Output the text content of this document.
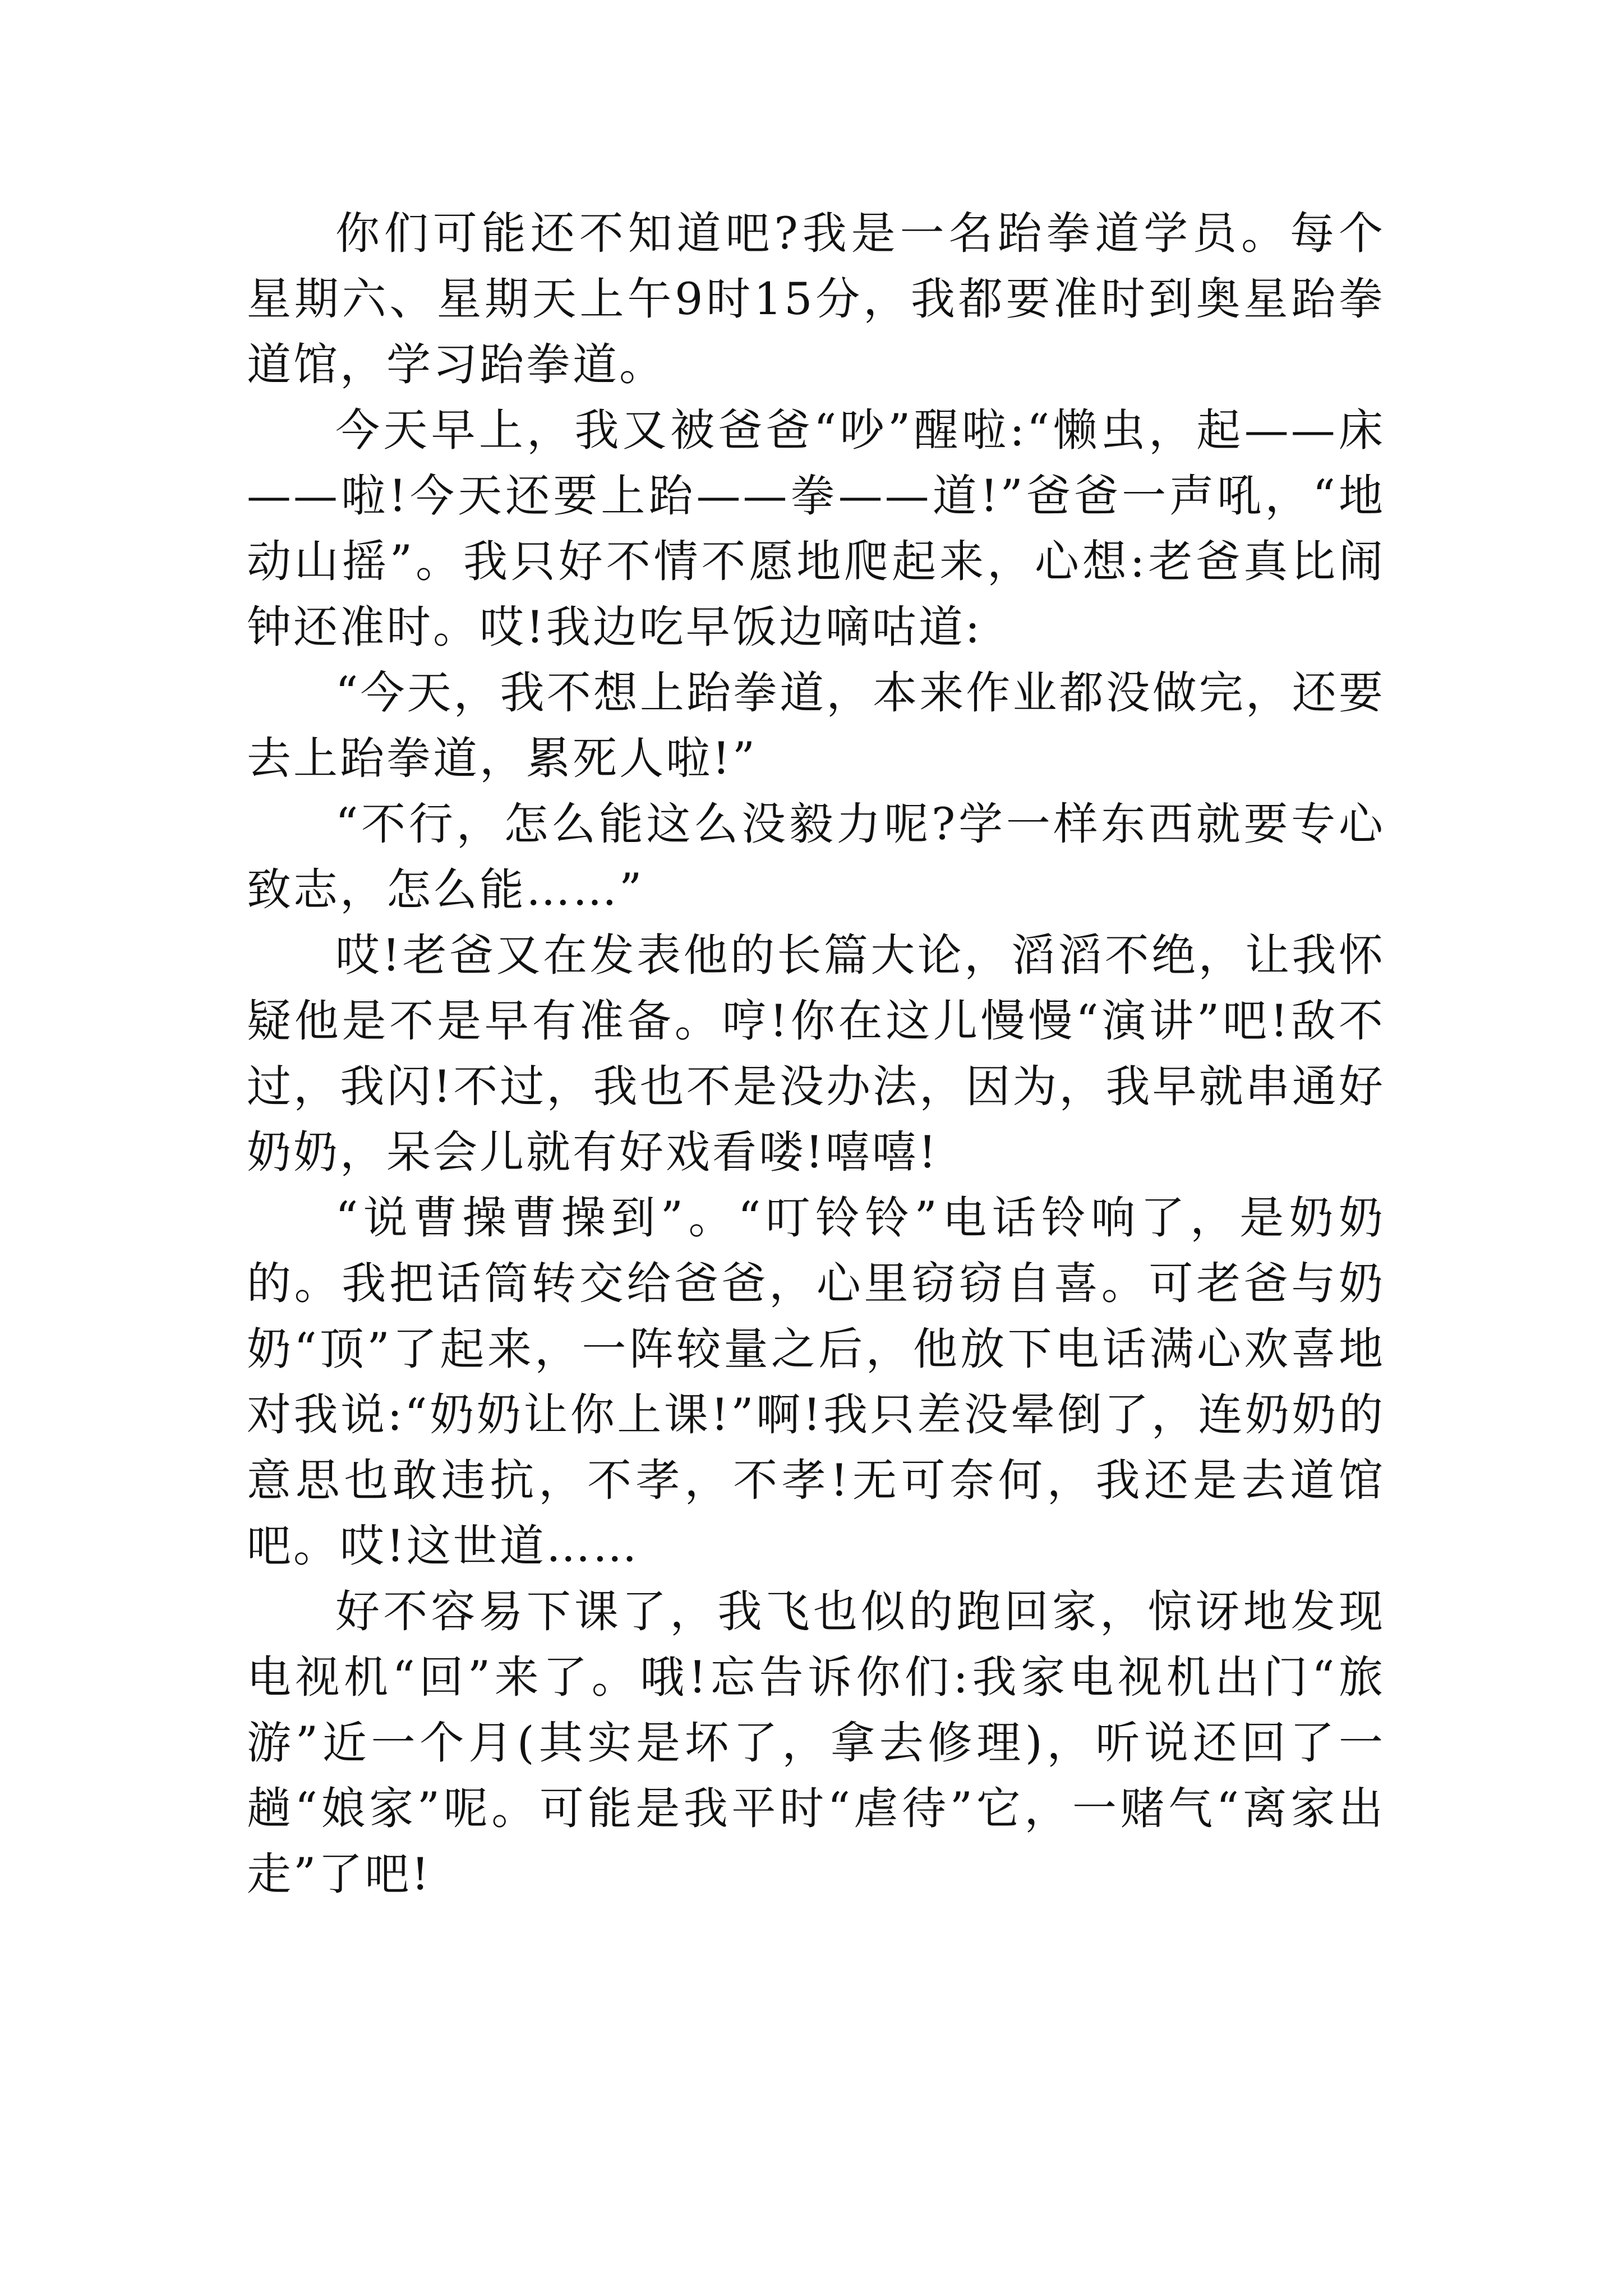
你们可能还不知道吧?我是一名跆拳道学员。每个星期六、星期天上午9时15分，我都要准时到奥星跆拳道馆，学习跆拳道。

今天早上，我又被爸爸“吵”醒啦:“懒虫，起——床——啦!今天还要上跆——拳——道!”爸爸一声吼，“地动山摇”。我只好不情不愿地爬起来，心想:老爸真比闹钟还准时。哎!我边吃早饭边嘀咕道:

“今天，我不想上跆拳道，本来作业都没做完，还要去上跆拳道，累死人啦!”

“不行，怎么能这么没毅力呢?学一样东西就要专心致志，怎么能……”

哎!老爸又在发表他的长篇大论，滔滔不绝，让我怀疑他是不是早有准备。哼!你在这儿慢慢“演讲”吧!敌不过，我闪!不过，我也不是没办法，因为，我早就串通好奶奶，呆会儿就有好戏看喽!嘻嘻!

“说曹操曹操到”。“叮铃铃”电话铃响了，是奶奶的。我把话筒转交给爸爸，心里窃窃自喜。可老爸与奶奶“顶”了起来，一阵较量之后，他放下电话满心欢喜地对我说:“奶奶让你上课!”啊!我只差没晕倒了，连奶奶的意思也敢违抗，不孝，不孝!无可奈何，我还是去道馆吧。哎!这世道……

好不容易下课了，我飞也似的跑回家，惊讶地发现电视机“回”来了。哦!忘告诉你们:我家电视机出门“旅游”近一个月(其实是坏了，拿去修理)，听说还回了一趟“娘家”呢。可能是我平时“虐待”它，一赌气“离家出走”了吧!
